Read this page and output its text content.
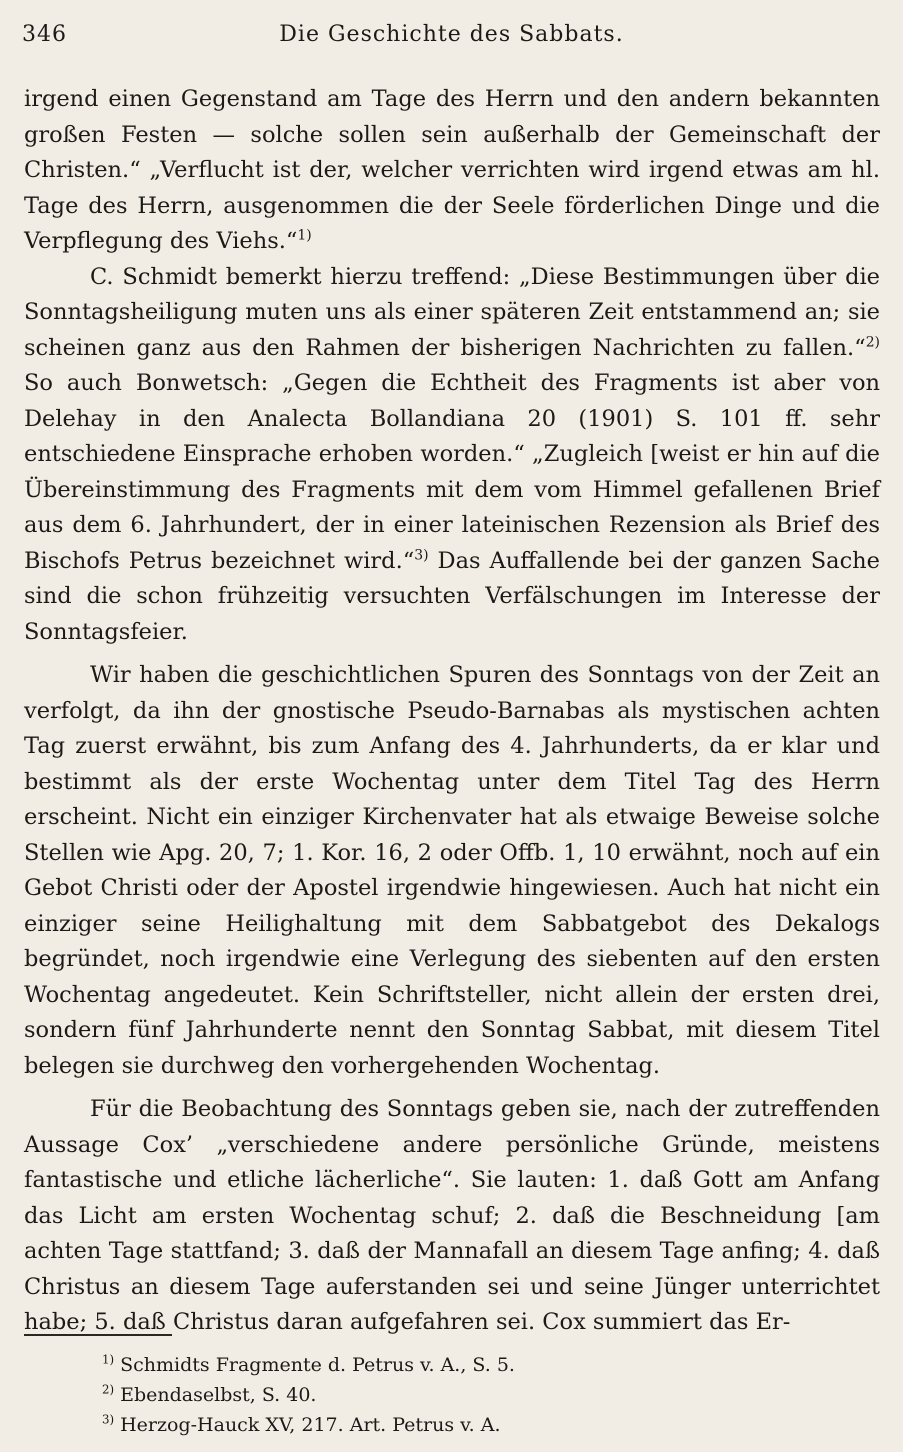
346	Die Geschichte des Sabbats.

irgend einen Gegenstand am Tage des Herrn und den andern bekannten großen Festen — solche sollen sein außerhalb der Gemeinschaft der Christen.“ „Verflucht ist der, welcher verrichten wird irgend etwas am hl. Tage des Herrn, ausgenommen die der Seele förderlichen Dinge und die Verpflegung des Viehs.“$^{1)}$

C. Schmidt bemerkt hierzu treffend: „Diese Bestimmungen über die Sonntagsheiligung muten uns als einer späteren Zeit entstammend an; sie scheinen ganz aus den Rahmen der bisherigen Nachrichten zu fallen.“$^{2)}$ So auch Bonwetsch: „Gegen die Echtheit des Fragments ist aber von Delehay in den Analecta Bollandiana 20 (1901) S. 101 ff. sehr entschiedene Einsprache erhoben worden.“ „Zugleich [weist er hin auf die Übereinstimmung des Fragments mit dem vom Himmel gefallenen Brief aus dem 6. Jahrhundert, der in einer lateinischen Rezension als Brief des Bischofs Petrus bezeichnet wird.“$^{3)}$ Das Auffallende bei der ganzen Sache sind die schon frühzeitig versuchten Verfälschungen im Interesse der Sonntagsfeier.

Wir haben die geschichtlichen Spuren des Sonntags von der Zeit an verfolgt, da ihn der gnostische Pseudo-Barnabas als mystischen achten Tag zuerst erwähnt, bis zum Anfang des 4. Jahrhunderts, da er klar und bestimmt als der erste Wochentag unter dem Titel Tag des Herrn erscheint. Nicht ein einziger Kirchenvater hat als etwaige Beweise solche Stellen wie Apg. 20, 7; 1. Kor. 16, 2 oder Offb. 1, 10 erwähnt, noch auf ein Gebot Christi oder der Apostel irgendwie hingewiesen. Auch hat nicht ein einziger seine Heilighaltung mit dem Sabbatgebot des Dekalogs begründet, noch irgendwie eine Verlegung des siebenten auf den ersten Wochentag angedeutet. Kein Schriftsteller, nicht allein der ersten drei, sondern fünf Jahrhunderte nennt den Sonntag Sabbat, mit diesem Titel belegen sie durchweg den vorhergehenden Wochentag.

Für die Beobachtung des Sonntags geben sie, nach der zutreffenden Aussage Cox’ „verschiedene andere persönliche Gründe, meistens fantastische und etliche lächerliche“. Sie lauten: 1. daß Gott am Anfang das Licht am ersten Wochentag schuf; 2. daß die Beschneidung [am achten Tage stattfand; 3. daß der Mannafall an diesem Tage anfing; 4. daß Christus an diesem Tage auferstanden sei und seine Jünger unterrichtet habe; 5. daß Christus daran aufgefahren sei. Cox summiert das Er-

$^{1)}$ Schmidts Fragmente d. Petrus v. A., S. 5.
$^{2)}$ Ebendaselbst, S. 40.
$^{3)}$ Herzog-Hauck XV, 217. Art. Petrus v. A.
